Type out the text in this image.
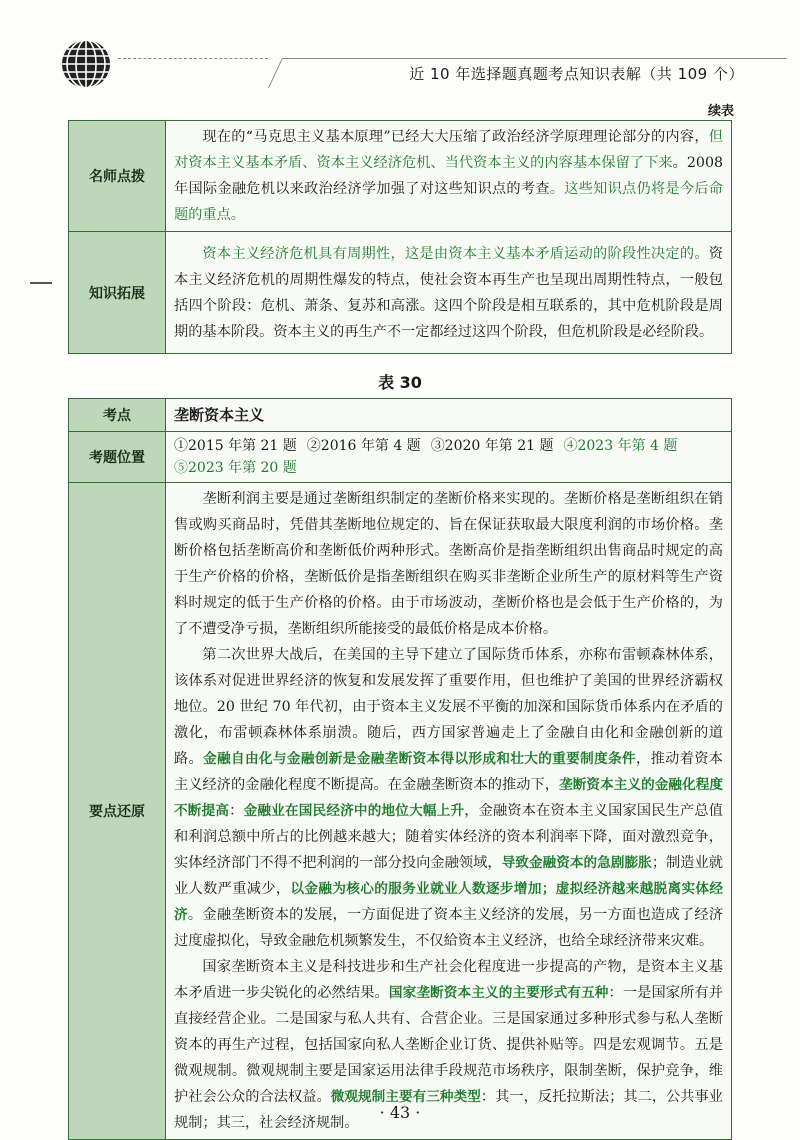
近 10 年选择题真题考点知识表解（共 109 个）
续表
名师点拨	现在的“马克思主义基本原理”已经大大压缩了政治经济学原理理论部分的内容，但对资本主义基本矛盾、资本主义经济危机、当代资本主义的内容基本保留了下来。2008 年国际金融危机以来政治经济学加强了对这些知识点的考查。这些知识点仍将是今后命题的重点。
知识拓展	资本主义经济危机具有周期性，这是由资本主义基本矛盾运动的阶段性决定的。资本主义经济危机的周期性爆发的特点，使社会资本再生产也呈现出周期性特点，一般包括四个阶段：危机、萧条、复苏和高涨。这四个阶段是相互联系的，其中危机阶段是周期的基本阶段。资本主义的再生产不一定都经过这四个阶段，但危机阶段是必经阶段。
表 30
考点	垄断资本主义
考题位置	①2015 年第 21 题 ②2016 年第 4 题 ③2020 年第 21 题 ④2023 年第 4 题
⑤2023 年第 20 题
要点还原	垄断利润主要是通过垄断组织制定的垄断价格来实现的。垄断价格是垄断组织在销售或购买商品时，凭借其垄断地位规定的、旨在保证获取最大限度利润的市场价格。垄断价格包括垄断高价和垄断低价两种形式。垄断高价是指垄断组织出售商品时规定的高于生产价格的价格，垄断低价是指垄断组织在购买非垄断企业所生产的原材料等生产资料时规定的低于生产价格的价格。由于市场波动，垄断价格也是会低于生产价格的，为了不遭受净亏损，垄断组织所能接受的最低价格是成本价格。

第二次世界大战后，在美国的主导下建立了国际货币体系，亦称布雷顿森林体系，该体系对促进世界经济的恢复和发展发挥了重要作用，但也维护了美国的世界经济霸权地位。20 世纪 70 年代初，由于资本主义发展不平衡的加深和国际货币体系内在矛盾的激化，布雷顿森林体系崩溃。随后，西方国家普遍走上了金融自由化和金融创新的道路。金融自由化与金融创新是金融垄断资本得以形成和壮大的重要制度条件，推动着资本主义经济的金融化程度不断提高。在金融垄断资本的推动下，垄断资本主义的金融化程度不断提高：金融业在国民经济中的地位大幅上升，金融资本在资本主义国家国民生产总值和利润总额中所占的比例越来越大；随着实体经济的资本利润率下降，面对激烈竞争，实体经济部门不得不把利润的一部分投向金融领域，导致金融资本的急剧膨胀；制造业就业人数严重减少，以金融为核心的服务业就业人数逐步增加；虚拟经济越来越脱离实体经济。金融垄断资本的发展，一方面促进了资本主义经济的发展，另一方面也造成了经济过度虚拟化，导致金融危机频繁发生，不仅給资本主义经济，也给全球经济带来灾难。

国家垄断资本主义是科技进步和生产社会化程度进一步提高的产物，是资本主义基本矛盾进一步尖锐化的必然结果。国家垄断资本主义的主要形式有五种：一是国家所有并直接经营企业。二是国家与私人共有、合营企业。三是国家通过多种形式参与私人垄断资本的再生产过程，包括国家向私人垄断企业订货、提供补贴等。四是宏观调节。五是微观规制。微观规制主要是国家运用法律手段规范市场秩序，限制垄断，保护竞争，维护社会公众的合法权益。微观规制主要有三种类型：其一，反托拉斯法；其二，公共事业规制；其三，社会经济规制。

· 43 ·
